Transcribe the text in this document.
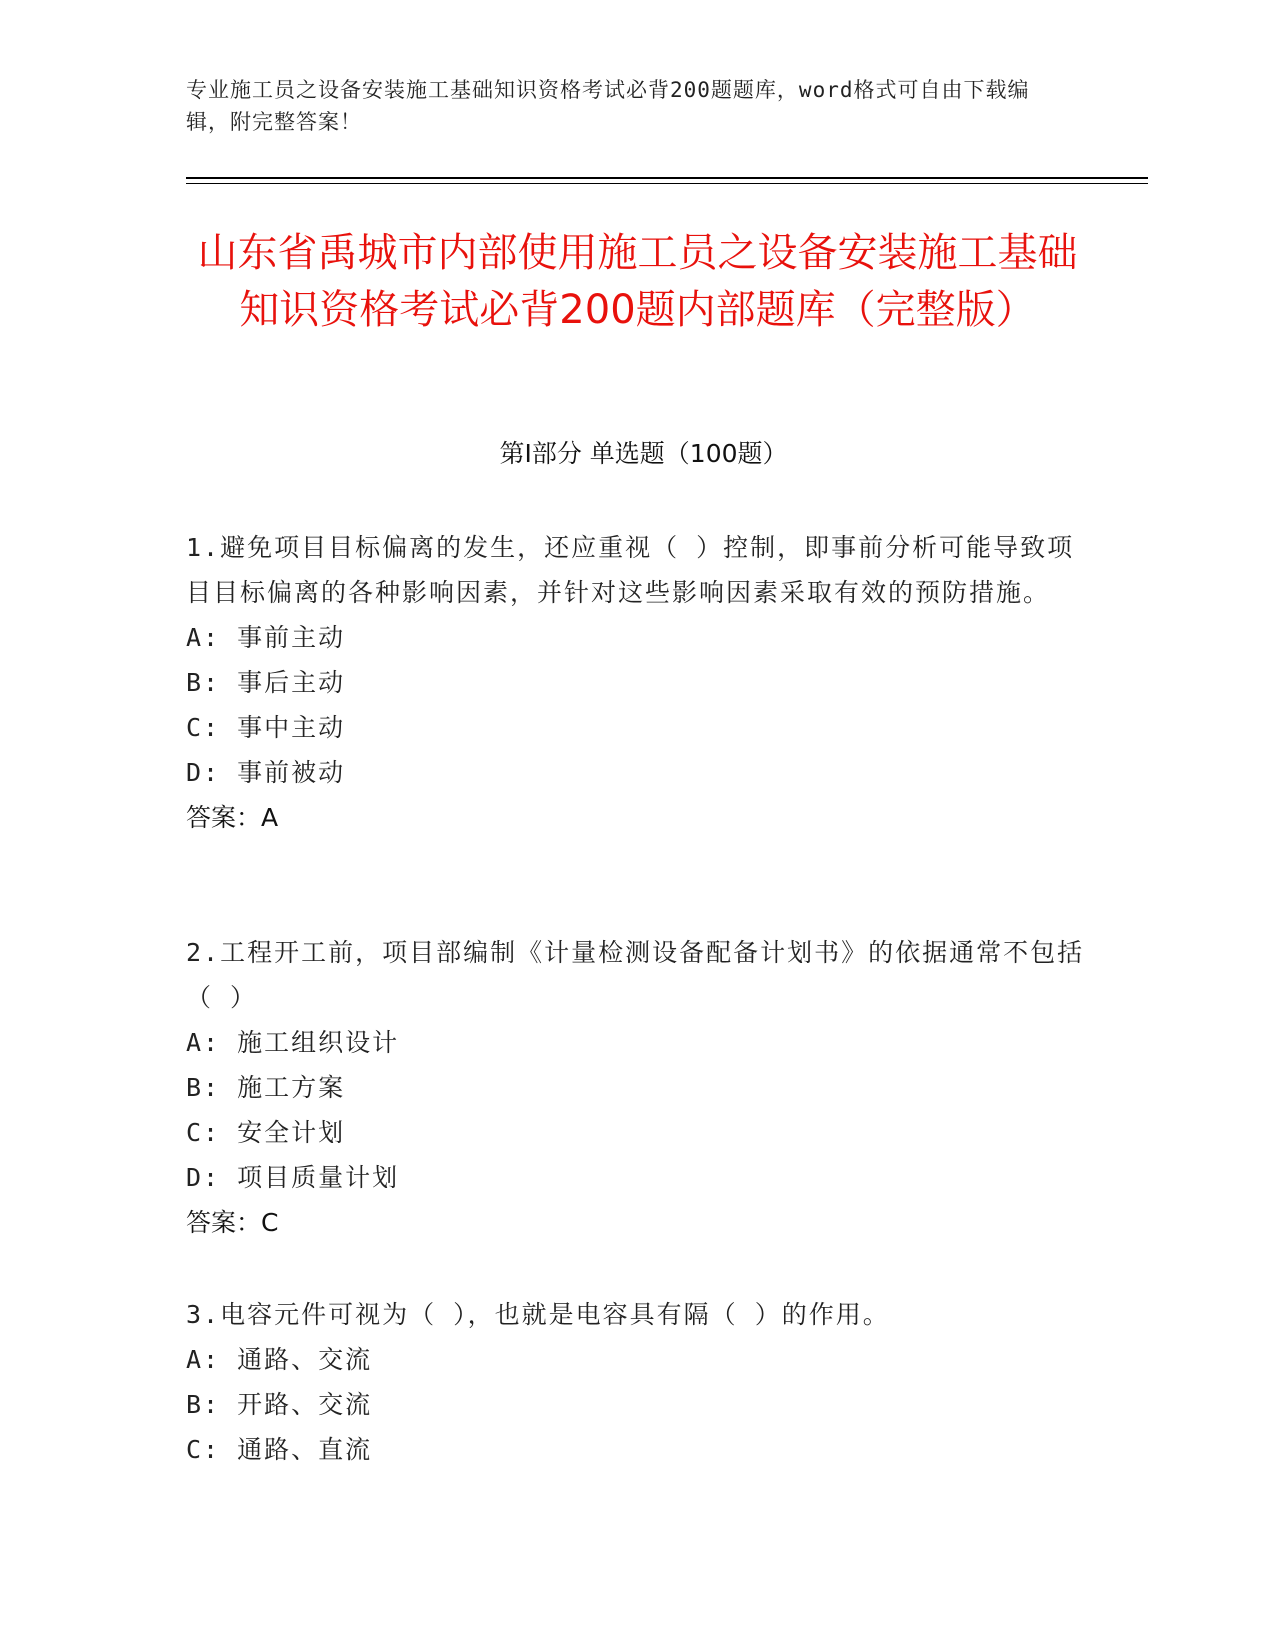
专业施工员之设备安装施工基础知识资格考试必背200题题库，word格式可自由下载编辑，附完整答案！
山东省禹城市内部使用施工员之设备安装施工基础知识资格考试必背200题内部题库（完整版）
第Ⅰ部分 单选题（100题）

1.避免项目目标偏离的发生，还应重视（ ）控制，即事前分析可能导致项目目标偏离的各种影响因素，并针对这些影响因素采取有效的预防措施。

A: 事前主动

B: 事后主动

C: 事中主动

D: 事前被动

答案：A

2.工程开工前，项目部编制《计量检测设备配备计划书》的依据通常不包括（ ）

A: 施工组织设计

B: 施工方案

C: 安全计划

D: 项目质量计划

答案：C

3.电容元件可视为（ ），也就是电容具有隔（ ）的作用。

A: 通路、交流

B: 开路、交流

C: 通路、直流
